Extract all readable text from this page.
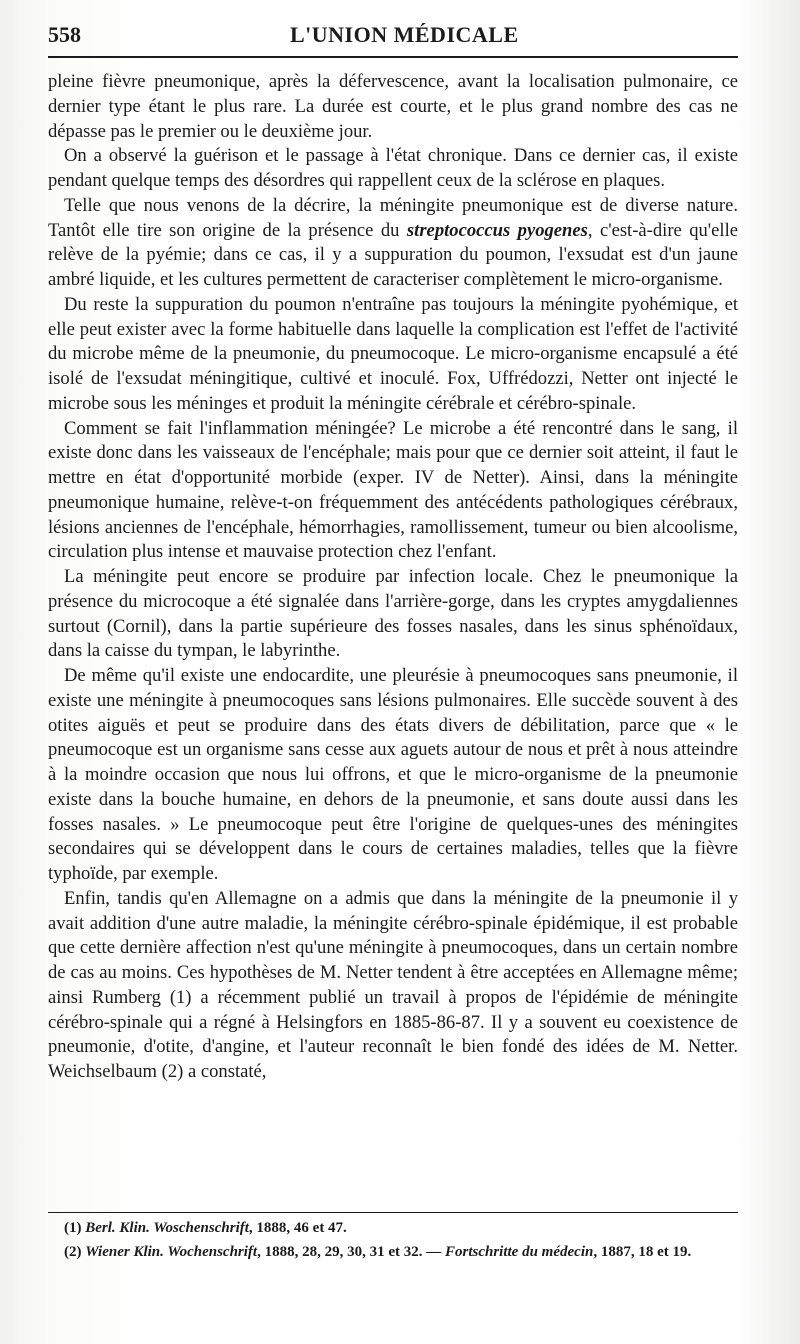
558	L'UNION MÉDICALE

pleine fièvre pneumonique, après la défervescence, avant la localisation pulmonaire, ce dernier type étant le plus rare. La durée est courte, et le plus grand nombre des cas ne dépasse pas le premier ou le deuxième jour.

On a observé la guérison et le passage à l'état chronique. Dans ce dernier cas, il existe pendant quelque temps des désordres qui rappellent ceux de la sclérose en plaques.

Telle que nous venons de la décrire, la méningite pneumonique est de diverse nature. Tantôt elle tire son origine de la présence du streptococcus pyogenes, c'est-à-dire qu'elle relève de la pyémie; dans ce cas, il y a suppuration du poumon, l'exsudat est d'un jaune ambré liquide, et les cultures permettent de caracteriser complètement le micro-organisme.

Du reste la suppuration du poumon n'entraîne pas toujours la méningite pyohémique, et elle peut exister avec la forme habituelle dans laquelle la complication est l'effet de l'activité du microbe même de la pneumonie, du pneumocoque. Le micro-organisme encapsulé a été isolé de l'exsudat méningitique, cultivé et inoculé. Fox, Uffrédozzi, Netter ont injecté le microbe sous les méninges et produit la méningite cérébrale et cérébro-spinale.

Comment se fait l'inflammation méningée? Le microbe a été rencontré dans le sang, il existe donc dans les vaisseaux de l'encéphale; mais pour que ce dernier soit atteint, il faut le mettre en état d'opportunité morbide (exper. IV de Netter). Ainsi, dans la méningite pneumonique humaine, relève-t-on fréquemment des antécédents pathologiques cérébraux, lésions anciennes de l'encéphale, hémorrhagies, ramollissement, tumeur ou bien alcoolisme, circulation plus intense et mauvaise protection chez l'enfant.

La méningite peut encore se produire par infection locale. Chez le pneumonique la présence du microcoque a été signalée dans l'arrière-gorge, dans les cryptes amygdaliennes surtout (Cornil), dans la partie supérieure des fosses nasales, dans les sinus sphénoïdaux, dans la caisse du tympan, le labyrinthe.

De même qu'il existe une endocardite, une pleurésie à pneumocoques sans pneumonie, il existe une méningite à pneumocoques sans lésions pulmonaires. Elle succède souvent à des otites aiguës et peut se produire dans des états divers de débilitation, parce que « le pneumocoque est un organisme sans cesse aux aguets autour de nous et prêt à nous atteindre à la moindre occasion que nous lui offrons, et que le micro-organisme de la pneumonie existe dans la bouche humaine, en dehors de la pneumonie, et sans doute aussi dans les fosses nasales. » Le pneumocoque peut être l'origine de quelques-unes des méningites secondaires qui se développent dans le cours de certaines maladies, telles que la fièvre typhoïde, par exemple.

Enfin, tandis qu'en Allemagne on a admis que dans la méningite de la pneumonie il y avait addition d'une autre maladie, la méningite cérébro-spinale épidémique, il est probable que cette dernière affection n'est qu'une méningite à pneumocoques, dans un certain nombre de cas au moins. Ces hypothèses de M. Netter tendent à être acceptées en Allemagne même; ainsi Rumberg (1) a récemment publié un travail à propos de l'épidémie de méningite cérébro-spinale qui a régné à Helsingfors en 1885-86-87. Il y a souvent eu coexistence de pneumonie, d'otite, d'angine, et l'auteur reconnaît le bien fondé des idées de M. Netter. Weichselbaum (2) a constaté,

(1) Berl. Klin. Woschenschrift, 1888, 46 et 47.

(2) Wiener Klin. Wochenschrift, 1888, 28, 29, 30, 31 et 32. — Fortschritte du médecin, 1887, 18 et 19.
